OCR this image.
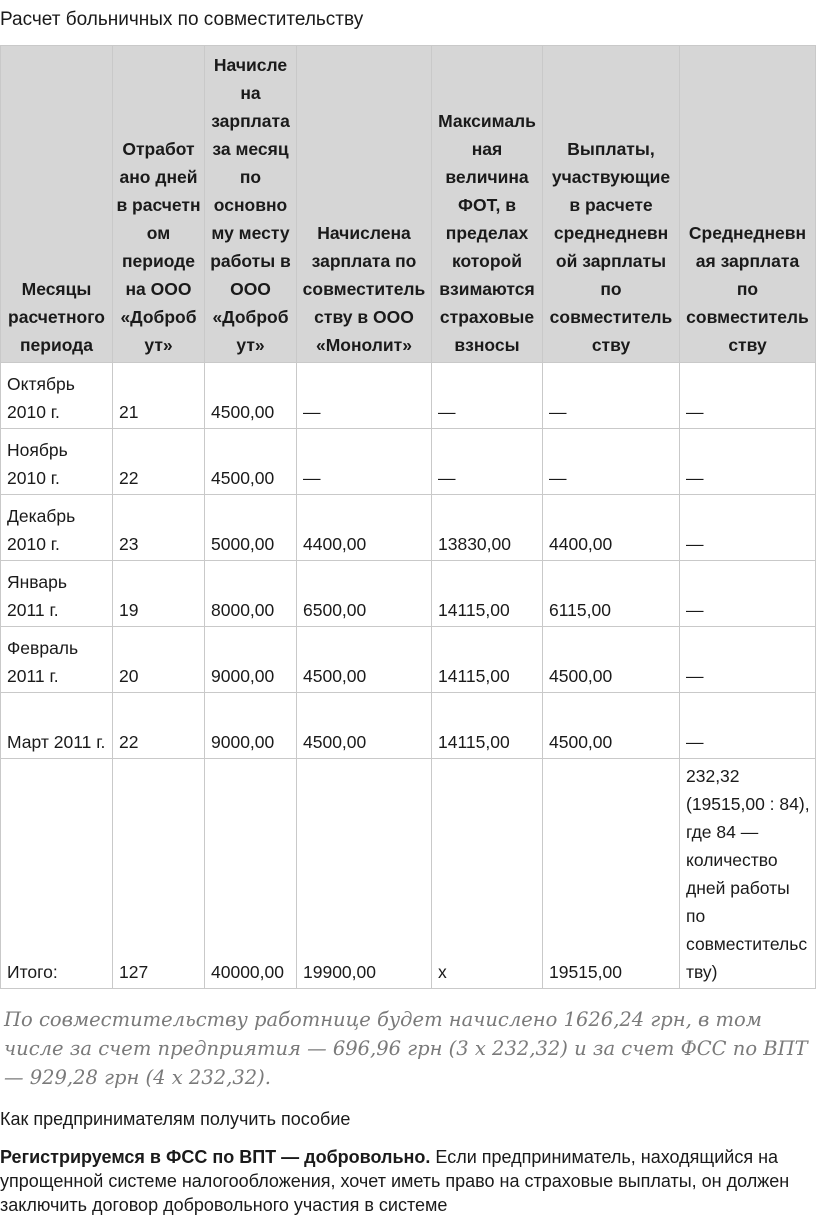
Расчет больничных по совместительству
Месяцы расчетного периода	Отработ ано дней в расчетн ом периоде на ООО «Доброб ут»	Начисле на зарплата за месяц по основно му месту работы в ООО «Доброб ут»	Начислена зарплата по совместитель ству в ООО «Монолит»	Максималь ная величина ФОТ, в пределах которой взимаются страховые взносы	Выплаты, участвующие в расчете среднедневн ой зарплаты по совместитель ству	Среднедневн ая зарплата по совместитель ству
Октябрь 2010 г.	21	4500,00	—	—	—	—
Ноябрь 2010 г.	22	4500,00	—	—	—	—
Декабрь 2010 г.	23	5000,00	4400,00	13830,00	4400,00	—
Январь 2011 г.	19	8000,00	6500,00	14115,00	6115,00	—
Февраль 2011 г.	20	9000,00	4500,00	14115,00	4500,00	—
Март 2011 г.	22	9000,00	4500,00	14115,00	4500,00	—
Итого:	127	40000,00	19900,00	x	19515,00	232,32 (19515,00 : 84), где 84 — количество дней работы по совместительс тву)
По совместительству работнице будет начислено 1626,24 грн, в том числе за счет предприятия — 696,96 грн (3 х 232,32) и за счет ФСС по ВПТ — 929,28 грн (4 х 232,32).
Как предпринимателям получить пособие
Регистрируемся в ФСС по ВПТ — добровольно. Если предприниматель, находящийся на упрощенной системе налогообложения, хочет иметь право на страховые выплаты, он должен заключить договор добровольного участия в системе
